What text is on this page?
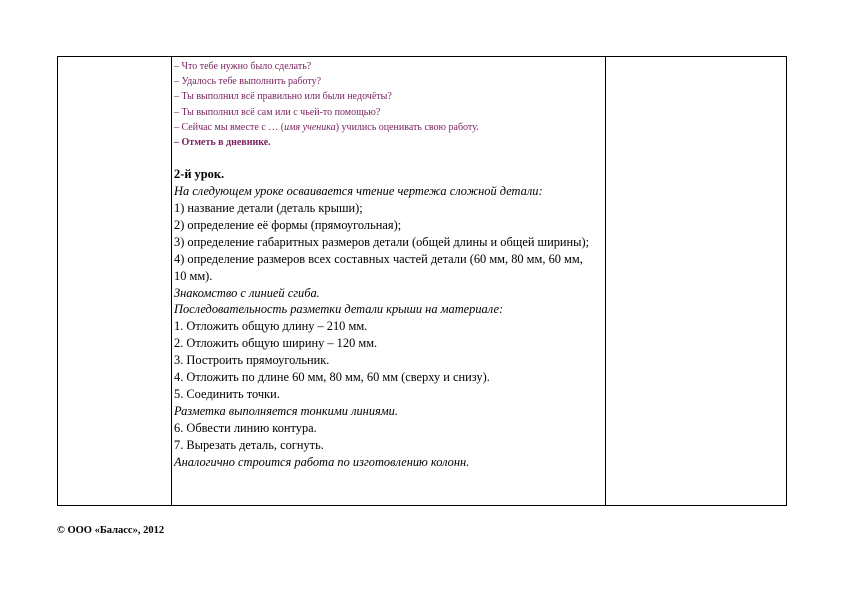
– Что тебе нужно было сделать?
– Удалось тебе выполнить работу?
– Ты выполнил всё правильно или были недочёты?
– Ты выполнил всё сам или с чьей-то помощью?
– Сейчас мы вместе с … (имя ученика) учились оценивать свою работу.
– Отметь в дневнике.
2-й урок.
На следующем уроке осваивается чтение чертежа сложной детали:
1) название детали (деталь крыши);
2) определение её формы (прямоугольная);
3) определение габаритных размеров детали (общей длины и общей ширины);
4) определение размеров всех составных частей детали (60 мм, 80 мм, 60 мм, 10 мм).
Знакомство с линией сгиба.
Последовательность разметки детали крыши на материале:
1. Отложить общую длину – 210 мм.
2. Отложить общую ширину – 120 мм.
3. Построить прямоугольник.
4. Отложить по длине 60 мм, 80 мм, 60 мм (сверху и снизу).
5. Соединить точки.
Разметка выполняется тонкими линиями.
6. Обвести линию контура.
7. Вырезать деталь, согнуть.
Аналогично строится работа по изготовлению колонн.
© ООО «Баласс», 2012
